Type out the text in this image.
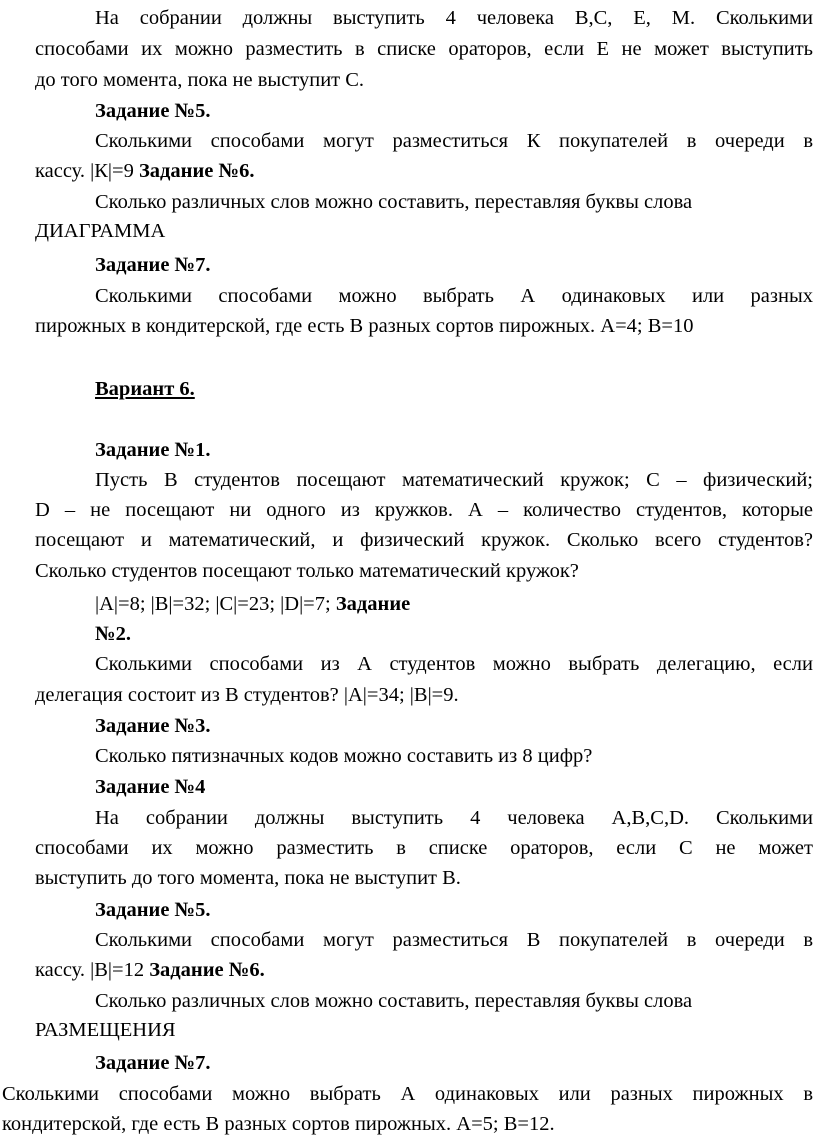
На собрании должны выступить 4 человека В,С, Е, М. Сколькими

способами их можно разместить в списке ораторов, если Е не может выступить

до того момента, пока не выступит С.

Задание №5.

Сколькими способами могут разместиться К покупателей в очереди в

кассу. |К|=9 Задание №6.

Сколько различных слов можно составить, переставляя буквы слова

ДИАГРАММА

Задание №7.

Сколькими способами можно выбрать А одинаковых или разных

пирожных в кондитерской, где есть В разных сортов пирожных. А=4; В=10

Вариант 6.

Задание №1.

Пусть В студентов посещают математический кружок; С – физический;

D – не посещают ни одного из кружков. А – количество студентов, которые

посещают и математический, и физический кружок. Сколько всего студентов?

Сколько студентов посещают только математический кружок?

|А|=8; |В|=32; |С|=23; |D|=7; Задание

№2.

Сколькими способами из А студентов можно выбрать делегацию, если

делегация состоит из В студентов? |А|=34; |В|=9.

Задание №3.

Сколько пятизначных кодов можно составить из 8 цифр?

Задание №4

На собрании должны выступить 4 человека А,В,С,D. Сколькими

способами их можно разместить в списке ораторов, если С не может

выступить до того момента, пока не выступит В.

Задание №5.

Сколькими способами могут разместиться В покупателей в очереди в

кассу. |В|=12 Задание №6.

Сколько различных слов можно составить, переставляя буквы слова

РАЗМЕЩЕНИЯ

Задание №7.

Сколькими способами можно выбрать А одинаковых или разных пирожных в

кондитерской, где есть В разных сортов пирожных. А=5; В=12.
